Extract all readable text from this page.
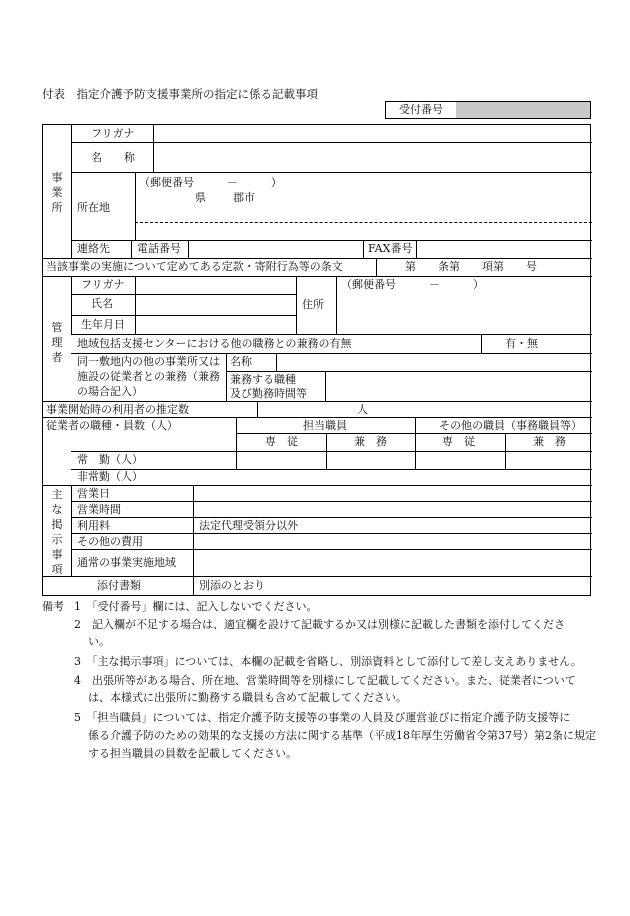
付表　指定介護予防支援事業所の指定に係る記載事項
受付番号
事業所
フリガナ
名　　称
所在地
（郵便番号　　　－　　　）
県 郡市
連絡先 電話番号	FAX番号
当該事業の実施について定めてある定款・寄附行為等の条文	第　　条第　　項第　　号
管理者
フリガナ
氏名
生年月日
住所
（郵便番号　　　－　　　）
地域包括支援センターにおける他の職務との兼務の有無	有・無
同一敷地内の他の事業所又は
施設の従業者との兼務（兼務
の場合記入）
名称
兼務する職種
及び勤務時間等
事業開始時の利用者の推定数	人
従業者の職種・員数（人）	担当職員	その他の職員（事務職員等）
専　従	兼　務	専　従	兼　務
常　勤（人）
非常勤（人）
主な掲示事項
営業日
営業時間
利用料	法定代理受領分以外
その他の費用
通常の事業実施地域
添付書類	別添のとおり
備考 1　「受付番号」欄には、記入しないでください。
2　記入欄が不足する場合は、適宜欄を設けて記載するか又は別様に記載した書類を添付してくださ
い。
3　「主な掲示事項」については、本欄の記載を省略し、別添資料として添付して差し支えありません。
4　出張所等がある場合、所在地、営業時間等を別様にして記載してください。また、従業者について
は、本様式に出張所に勤務する職員も含めて記載してください。
5　「担当職員」については、指定介護予防支援等の事業の人員及び運営並びに指定介護予防支援等に
係る介護予防のための効果的な支援の方法に関する基準（平成18年厚生労働省令第37号）第2条に規定
する担当職員の員数を記載してください。
